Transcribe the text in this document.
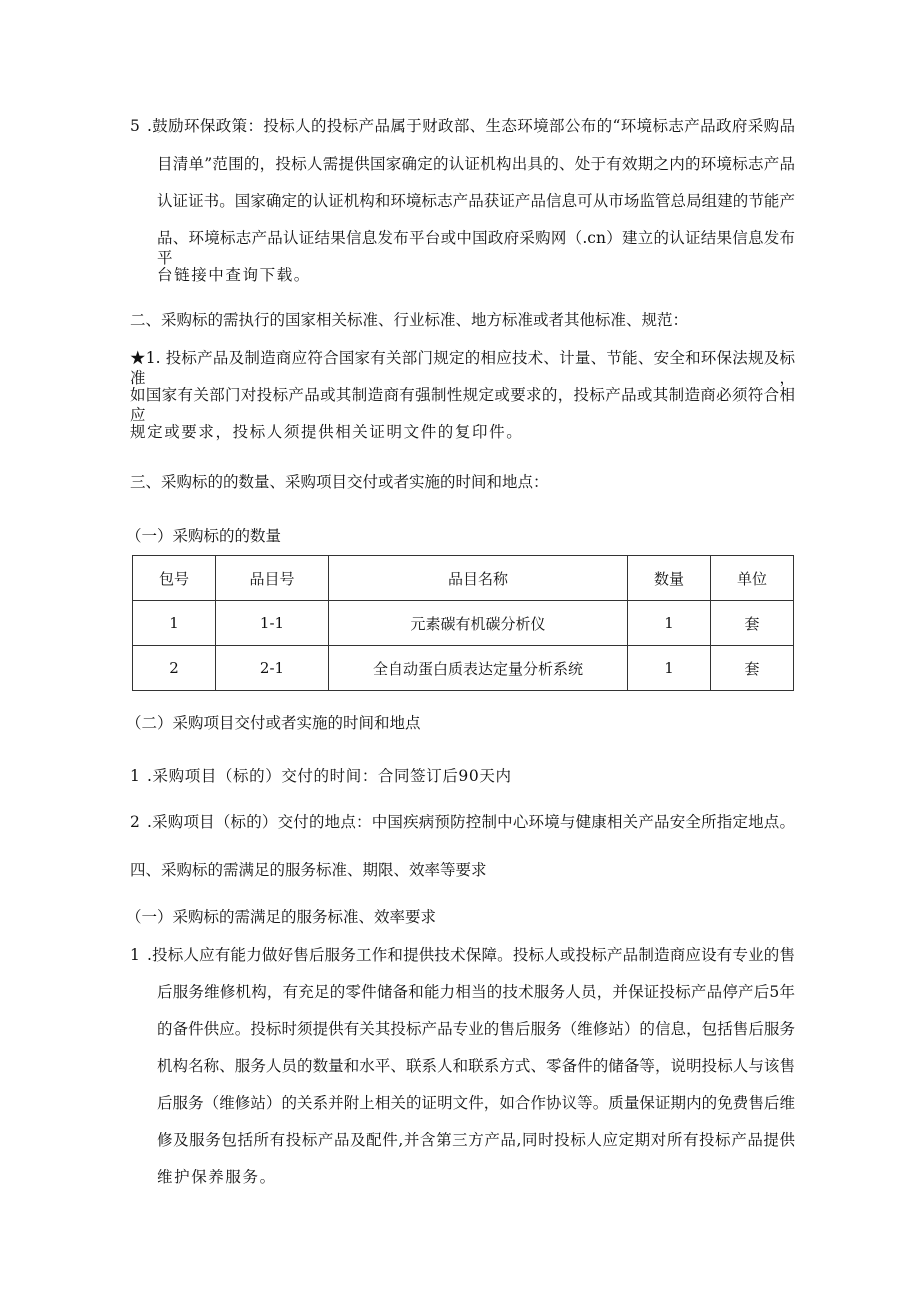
5 .鼓励环保政策：投标人的投标产品属于财政部、生态环境部公布的“环境标志产品政府采购品
目清单”范围的，投标人需提供国家确定的认证机构出具的、处于有效期之内的环境标志产品
认证证书。国家确定的认证机构和环境标志产品获证产品信息可从市场监管总局组建的节能产
品、环境标志产品认证结果信息发布平台或中国政府采购网（.cn）建立的认证结果信息发布平
台链接中查询下载。
二、采购标的需执行的国家相关标准、行业标准、地方标准或者其他标准、规范：
★1. 投标产品及制造商应符合国家有关部门规定的相应技术、计量、节能、安全和环保法规及标准，
如国家有关部门对投标产品或其制造商有强制性规定或要求的，投标产品或其制造商必须符合相应
规定或要求，投标人须提供相关证明文件的复印件。
三、采购标的的数量、采购项目交付或者实施的时间和地点：
（一）采购标的的数量
包号	品目号	品目名称	数量	单位
1	1-1	元素碳有机碳分析仪	1	套
2	2-1	全自动蛋白质表达定量分析系统	1	套
（二）采购项目交付或者实施的时间和地点
1 .采购项目（标的）交付的时间：合同签订后90天内
2 .采购项目（标的）交付的地点：中国疾病预防控制中心环境与健康相关产品安全所指定地点。
四、采购标的需满足的服务标准、期限、效率等要求
（一）采购标的需满足的服务标准、效率要求
1 .投标人应有能力做好售后服务工作和提供技术保障。投标人或投标产品制造商应设有专业的售
后服务维修机构，有充足的零件储备和能力相当的技术服务人员，并保证投标产品停产后5年
的备件供应。投标时须提供有关其投标产品专业的售后服务（维修站）的信息，包括售后服务
机构名称、服务人员的数量和水平、联系人和联系方式、零备件的储备等，说明投标人与该售
后服务（维修站）的关系并附上相关的证明文件，如合作协议等。质量保证期内的免费售后维
修及服务包括所有投标产品及配件,并含第三方产品,同时投标人应定期对所有投标产品提供
维护保养服务。
